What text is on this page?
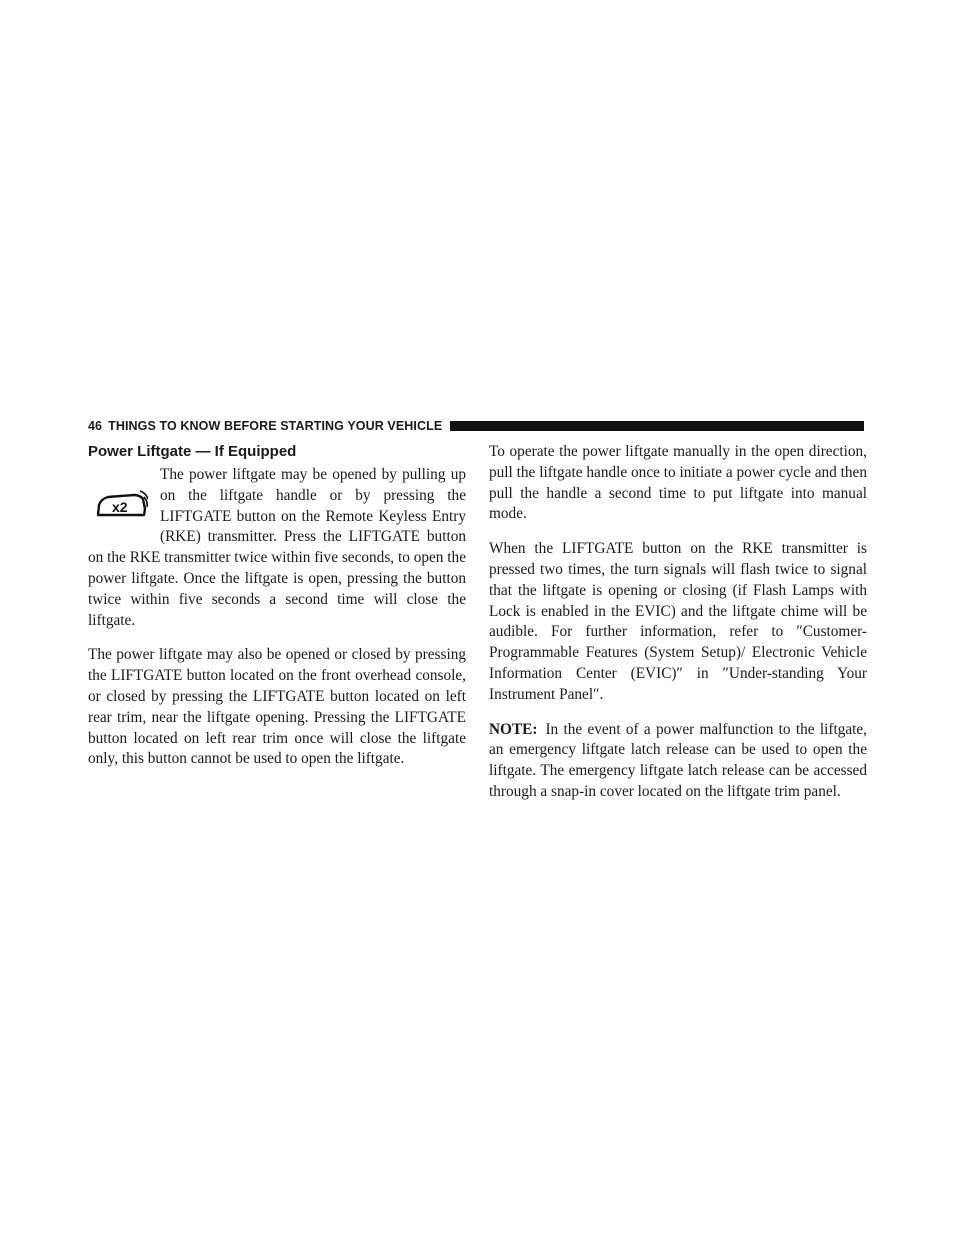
46 THINGS TO KNOW BEFORE STARTING YOUR VEHICLE
Power Liftgate — If Equipped
x2

The power liftgate may be opened by pulling up on the liftgate handle or by pressing the LIFTGATE button on the Remote Keyless Entry (RKE) transmitter. Press the LIFTGATE button on the RKE transmitter twice within five seconds, to open the power liftgate. Once the liftgate is open, pressing the button twice within five seconds a second time will close the liftgate.

The power liftgate may also be opened or closed by pressing the LIFTGATE button located on the front overhead console, or closed by pressing the LIFTGATE button located on left rear trim, near the liftgate opening. Pressing the LIFTGATE button located on left rear trim once will close the liftgate only, this button cannot be used to open the liftgate.

To operate the power liftgate manually in the open direction, pull the liftgate handle once to initiate a power cycle and then pull the handle a second time to put liftgate into manual mode.

When the LIFTGATE button on the RKE transmitter is pressed two times, the turn signals will flash twice to signal that the liftgate is opening or closing (if Flash Lamps with Lock is enabled in the EVIC) and the liftgate chime will be audible. For further information, refer to ″Customer-Programmable Features (System Setup)/ Electronic Vehicle Information Center (EVIC)″ in ″Under-standing Your Instrument Panel″.

NOTE: In the event of a power malfunction to the liftgate, an emergency liftgate latch release can be used to open the liftgate. The emergency liftgate latch release can be accessed through a snap-in cover located on the liftgate trim panel.
